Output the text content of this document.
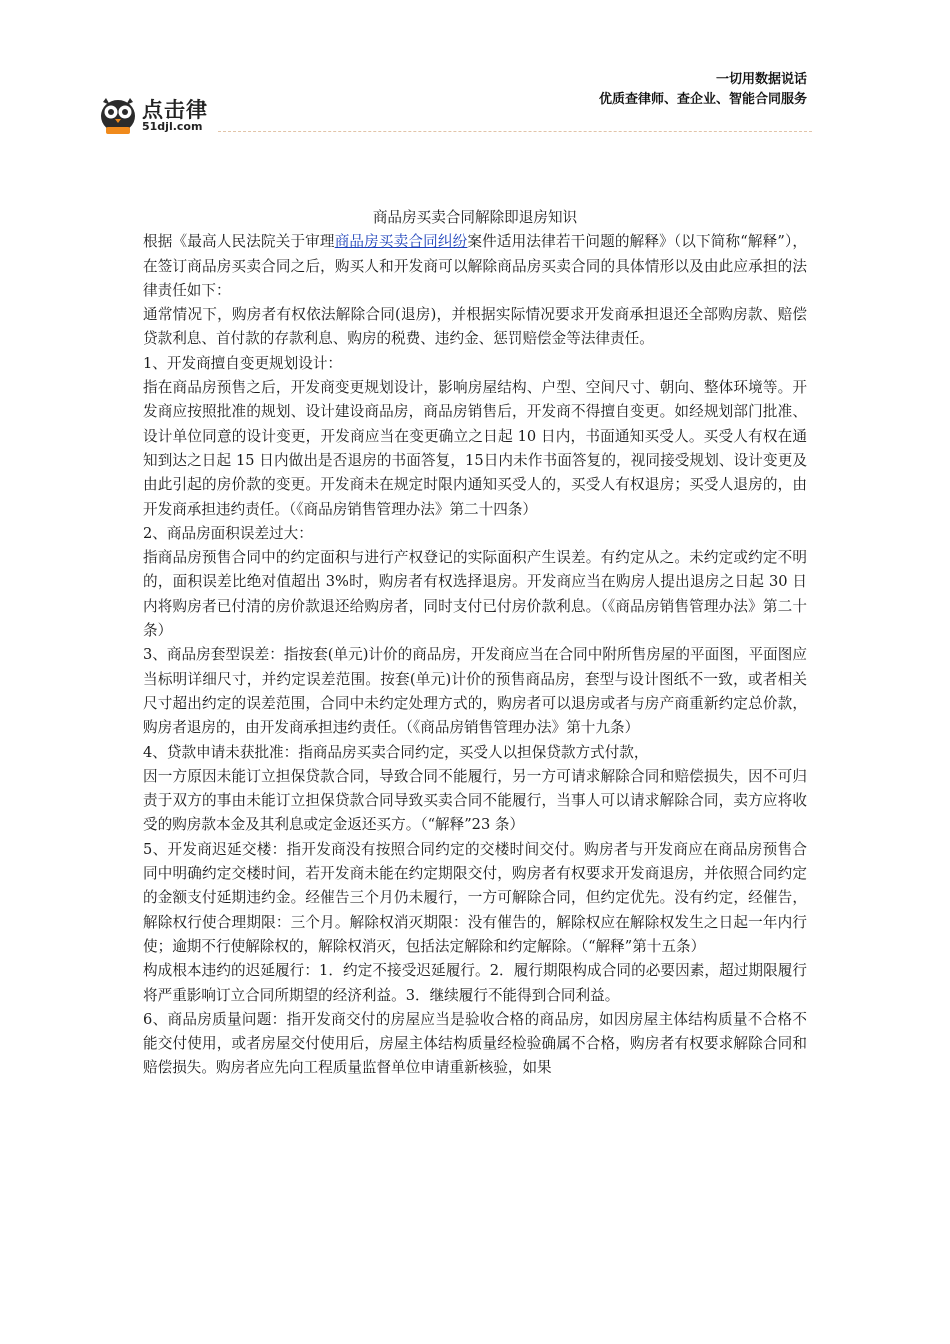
点击律
51djl.com
一切用数据说话
优质查律师、查企业、智能合同服务

商品房买卖合同解除即退房知识

根据《最高人民法院关于审理商品房买卖合同纠纷案件适用法律若干问题的解释》（以下简称“解释”），在签订商品房买卖合同之后，购买人和开发商可以解除商品房买卖合同的具体情形以及由此应承担的法律责任如下：

通常情况下，购房者有权依法解除合同(退房)，并根据实际情况要求开发商承担退还全部购房款、赔偿贷款利息、首付款的存款利息、购房的税费、违约金、惩罚赔偿金等法律责任。

1、开发商擅自变更规划设计：

指在商品房预售之后，开发商变更规划设计，影响房屋结构、户型、空间尺寸、朝向、整体环境等。开发商应按照批准的规划、设计建设商品房，商品房销售后，开发商不得擅自变更。如经规划部门批准、设计单位同意的设计变更，开发商应当在变更确立之日起 10 日内，书面通知买受人。买受人有权在通知到达之日起 15 日内做出是否退房的书面答复，15日内未作书面答复的，视同接受规划、设计变更及由此引起的房价款的变更。开发商未在规定时限内通知买受人的，买受人有权退房；买受人退房的，由开发商承担违约责任。（《商品房销售管理办法》第二十四条）

2、商品房面积误差过大：

指商品房预售合同中的约定面积与进行产权登记的实际面积产生误差。有约定从之。未约定或约定不明的，面积误差比绝对值超出 3%时，购房者有权选择退房。开发商应当在购房人提出退房之日起 30 日内将购房者已付清的房价款退还给购房者，同时支付已付房价款利息。（《商品房销售管理办法》第二十条）

3、商品房套型误差：指按套(单元)计价的商品房，开发商应当在合同中附所售房屋的平面图，平面图应当标明详细尺寸，并约定误差范围。按套(单元)计价的预售商品房，套型与设计图纸不一致，或者相关尺寸超出约定的误差范围，合同中未约定处理方式的，购房者可以退房或者与房产商重新约定总价款，购房者退房的，由开发商承担违约责任。（《商品房销售管理办法》第十九条）

4、贷款申请未获批准：指商品房买卖合同约定，买受人以担保贷款方式付款，

因一方原因未能订立担保贷款合同，导致合同不能履行，另一方可请求解除合同和赔偿损失，因不可归责于双方的事由未能订立担保贷款合同导致买卖合同不能履行，当事人可以请求解除合同，卖方应将收受的购房款本金及其利息或定金返还买方。（“解释”23 条）

5、开发商迟延交楼：指开发商没有按照合同约定的交楼时间交付。购房者与开发商应在商品房预售合同中明确约定交楼时间，若开发商未能在约定期限交付，购房者有权要求开发商退房，并依照合同约定的金额支付延期违约金。经催告三个月仍未履行，一方可解除合同，但约定优先。没有约定，经催告，解除权行使合理期限：三个月。解除权消灭期限：没有催告的，解除权应在解除权发生之日起一年内行使；逾期不行使解除权的，解除权消灭，包括法定解除和约定解除。（“解释”第十五条）

构成根本违约的迟延履行：1．约定不接受迟延履行。2．履行期限构成合同的必要因素，超过期限履行将严重影响订立合同所期望的经济利益。3．继续履行不能得到合同利益。

6、商品房质量问题：指开发商交付的房屋应当是验收合格的商品房，如因房屋主体结构质量不合格不能交付使用，或者房屋交付使用后，房屋主体结构质量经检验确属不合格，购房者有权要求解除合同和赔偿损失。购房者应先向工程质量监督单位申请重新核验，如果
